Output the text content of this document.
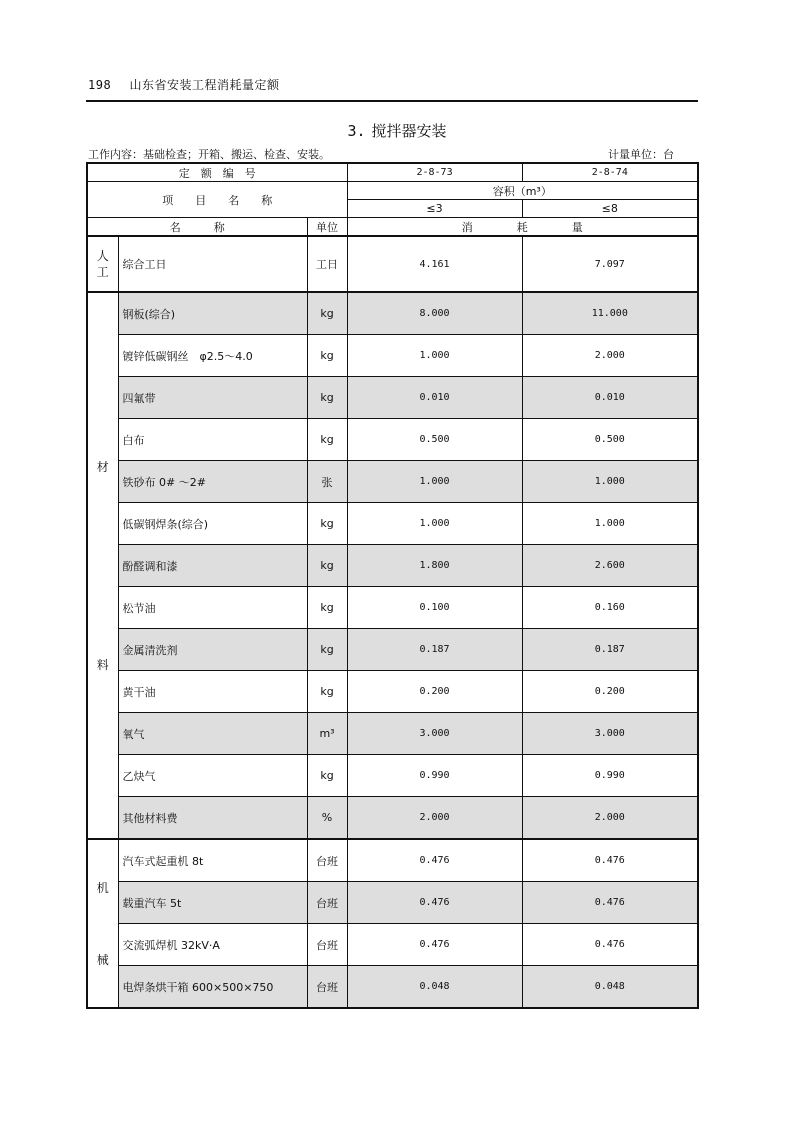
198 山东省安装工程消耗量定额
3. 搅拌器安装
工作内容：基础检查；开箱、搬运、检查、安装。	计量单位：台
定　额　编　号			2-8-73	2-8-74
项　　目　　名　　称			容积（m³）	
			≤3	≤8
名　　　称		单位	消　　　　耗　　　　量	

人
工	综合工日	工日	4.161	7.097

材
料	钢板(综合)	kg	8.000	11.000
	镀锌低碳钢丝　φ2.5～4.0	kg	1.000	2.000
	四氟带	kg	0.010	0.010
	白布	kg	0.500	0.500
	铁砂布 0# ～2#	张	1.000	1.000
	低碳钢焊条(综合)	kg	1.000	1.000
	酚醛调和漆	kg	1.800	2.600
	松节油	kg	0.100	0.160
	金属清洗剂	kg	0.187	0.187
	黄干油	kg	0.200	0.200
	氧气	m³	3.000	3.000
	乙炔气	kg	0.990	0.990
	其他材料费	%	2.000	2.000

机
械	汽车式起重机 8t	台班	0.476	0.476
	载重汽车 5t	台班	0.476	0.476
	交流弧焊机 32kV·A	台班	0.476	0.476
	电焊条烘干箱 600×500×750	台班	0.048	0.048
